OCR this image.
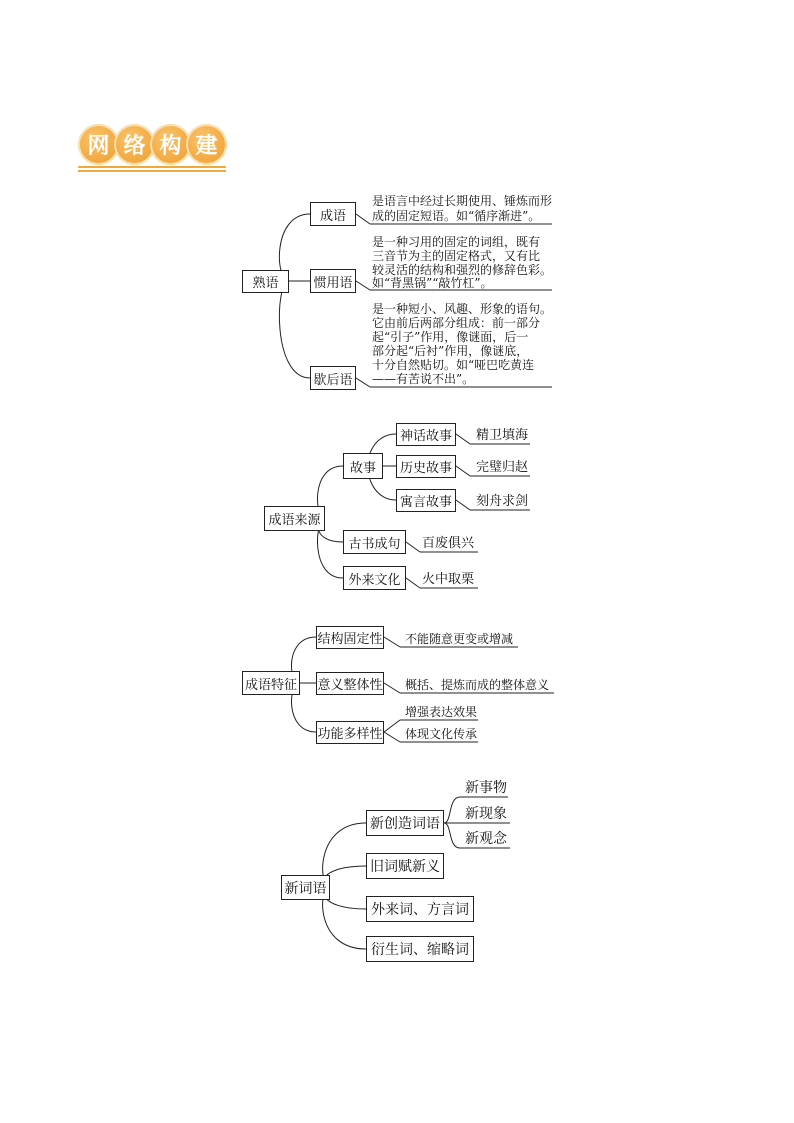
网 络 构 建
熟语
成语
惯用语
歇后语
是语言中经过长期使用、锤炼而形
成的固定短语。如“循序渐进”。
是一种习用的固定的词组，既有
三音节为主的固定格式，又有比
较灵活的结构和强烈的修辞色彩。
如“背黑锅”“敲竹杠”。
是一种短小、风趣、形象的语句。
它由前后两部分组成：前一部分
起“引子”作用，像谜面，后一
部分起“后衬”作用，像谜底，
十分自然贴切。如“哑巴吃黄连
——有苦说不出”。
成语来源
故事
神话故事
历史故事
寓言故事
古书成句
外来文化
精卫填海
完璧归赵
刻舟求剑
百废俱兴
火中取栗
成语特征
结构固定性
意义整体性
功能多样性
不能随意更变或增减
概括、提炼而成的整体意义
增强表达效果
体现文化传承
新词语
新创造词语
旧词赋新义
外来词、方言词
衍生词、缩略词
新事物
新现象
新观念
